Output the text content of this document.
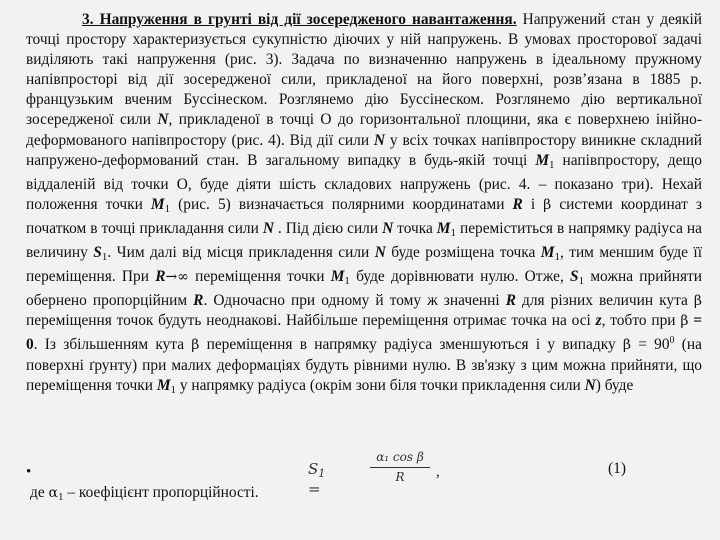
3. Напруження в грунті від дії зосередженого навантаження. Напружений стан у деякій точці простору характеризується сукупністю діючих у ній напружень. В умовах просторової задачі виділяють такі напруження (рис. 3). Задача по визначенню напружень в ідеальному пружному напівпросторі від дії зосередженої сили, прикладеної на його поверхні, розв’язана в 1885 р. французьким вченим Буссінеском. Розглянемо дію Буссінеском. Розглянемо дію вертикальної зосередженої сили N, прикладеної в точці О до горизонтальної площини, яка є поверхнею інійно-деформованого напівпростору (рис. 4). Від дії сили N у всіх точках напівпростору виникне складний напружено-деформований стан. В загальному випадку в будь-якій точці $M_1$ напівпростору, дещо віддаленій від точки О, буде діяти шість складових напружень (рис. 4. – показано три). Нехай положення точки $M_1$ (рис. 5) визначається полярними координатами R і β системи координат з початком в точці прикладання сили N . Під дією сили N точка $M_1$ переміститься в напрямку радіуса на величину $S_1$. Чим далі від місця прикладення сили N буде розміщена точка $M_1$, тим меншим буде її переміщення. При R→∞ переміщення точки $M_1$ буде дорівнювати нулю. Отже, $S_1$ можна прийняти обернено пропорційним R. Одночасно при одному й тому ж значенні R для різних величин кута β переміщення точок будуть неоднакові. Найбільше переміщення отримає точка на осі z, тобто при β = 0. Із збільшенням кута β переміщення в напрямку радіуса зменшуються і у випадку $\beta = 90^0$ (на поверхні ґрунту) при малих деформаціях будуть рівними нулю. В зв'язку з цим можна прийняти, що переміщення точки $M_1$ у напрямку радіуса (окрім зони біля точки прикладення сили N) буде

•	$S_1$ =
α₁ cos β
R	,	(1)
де $\alpha_1$ – коефіцієнт пропорційності.
